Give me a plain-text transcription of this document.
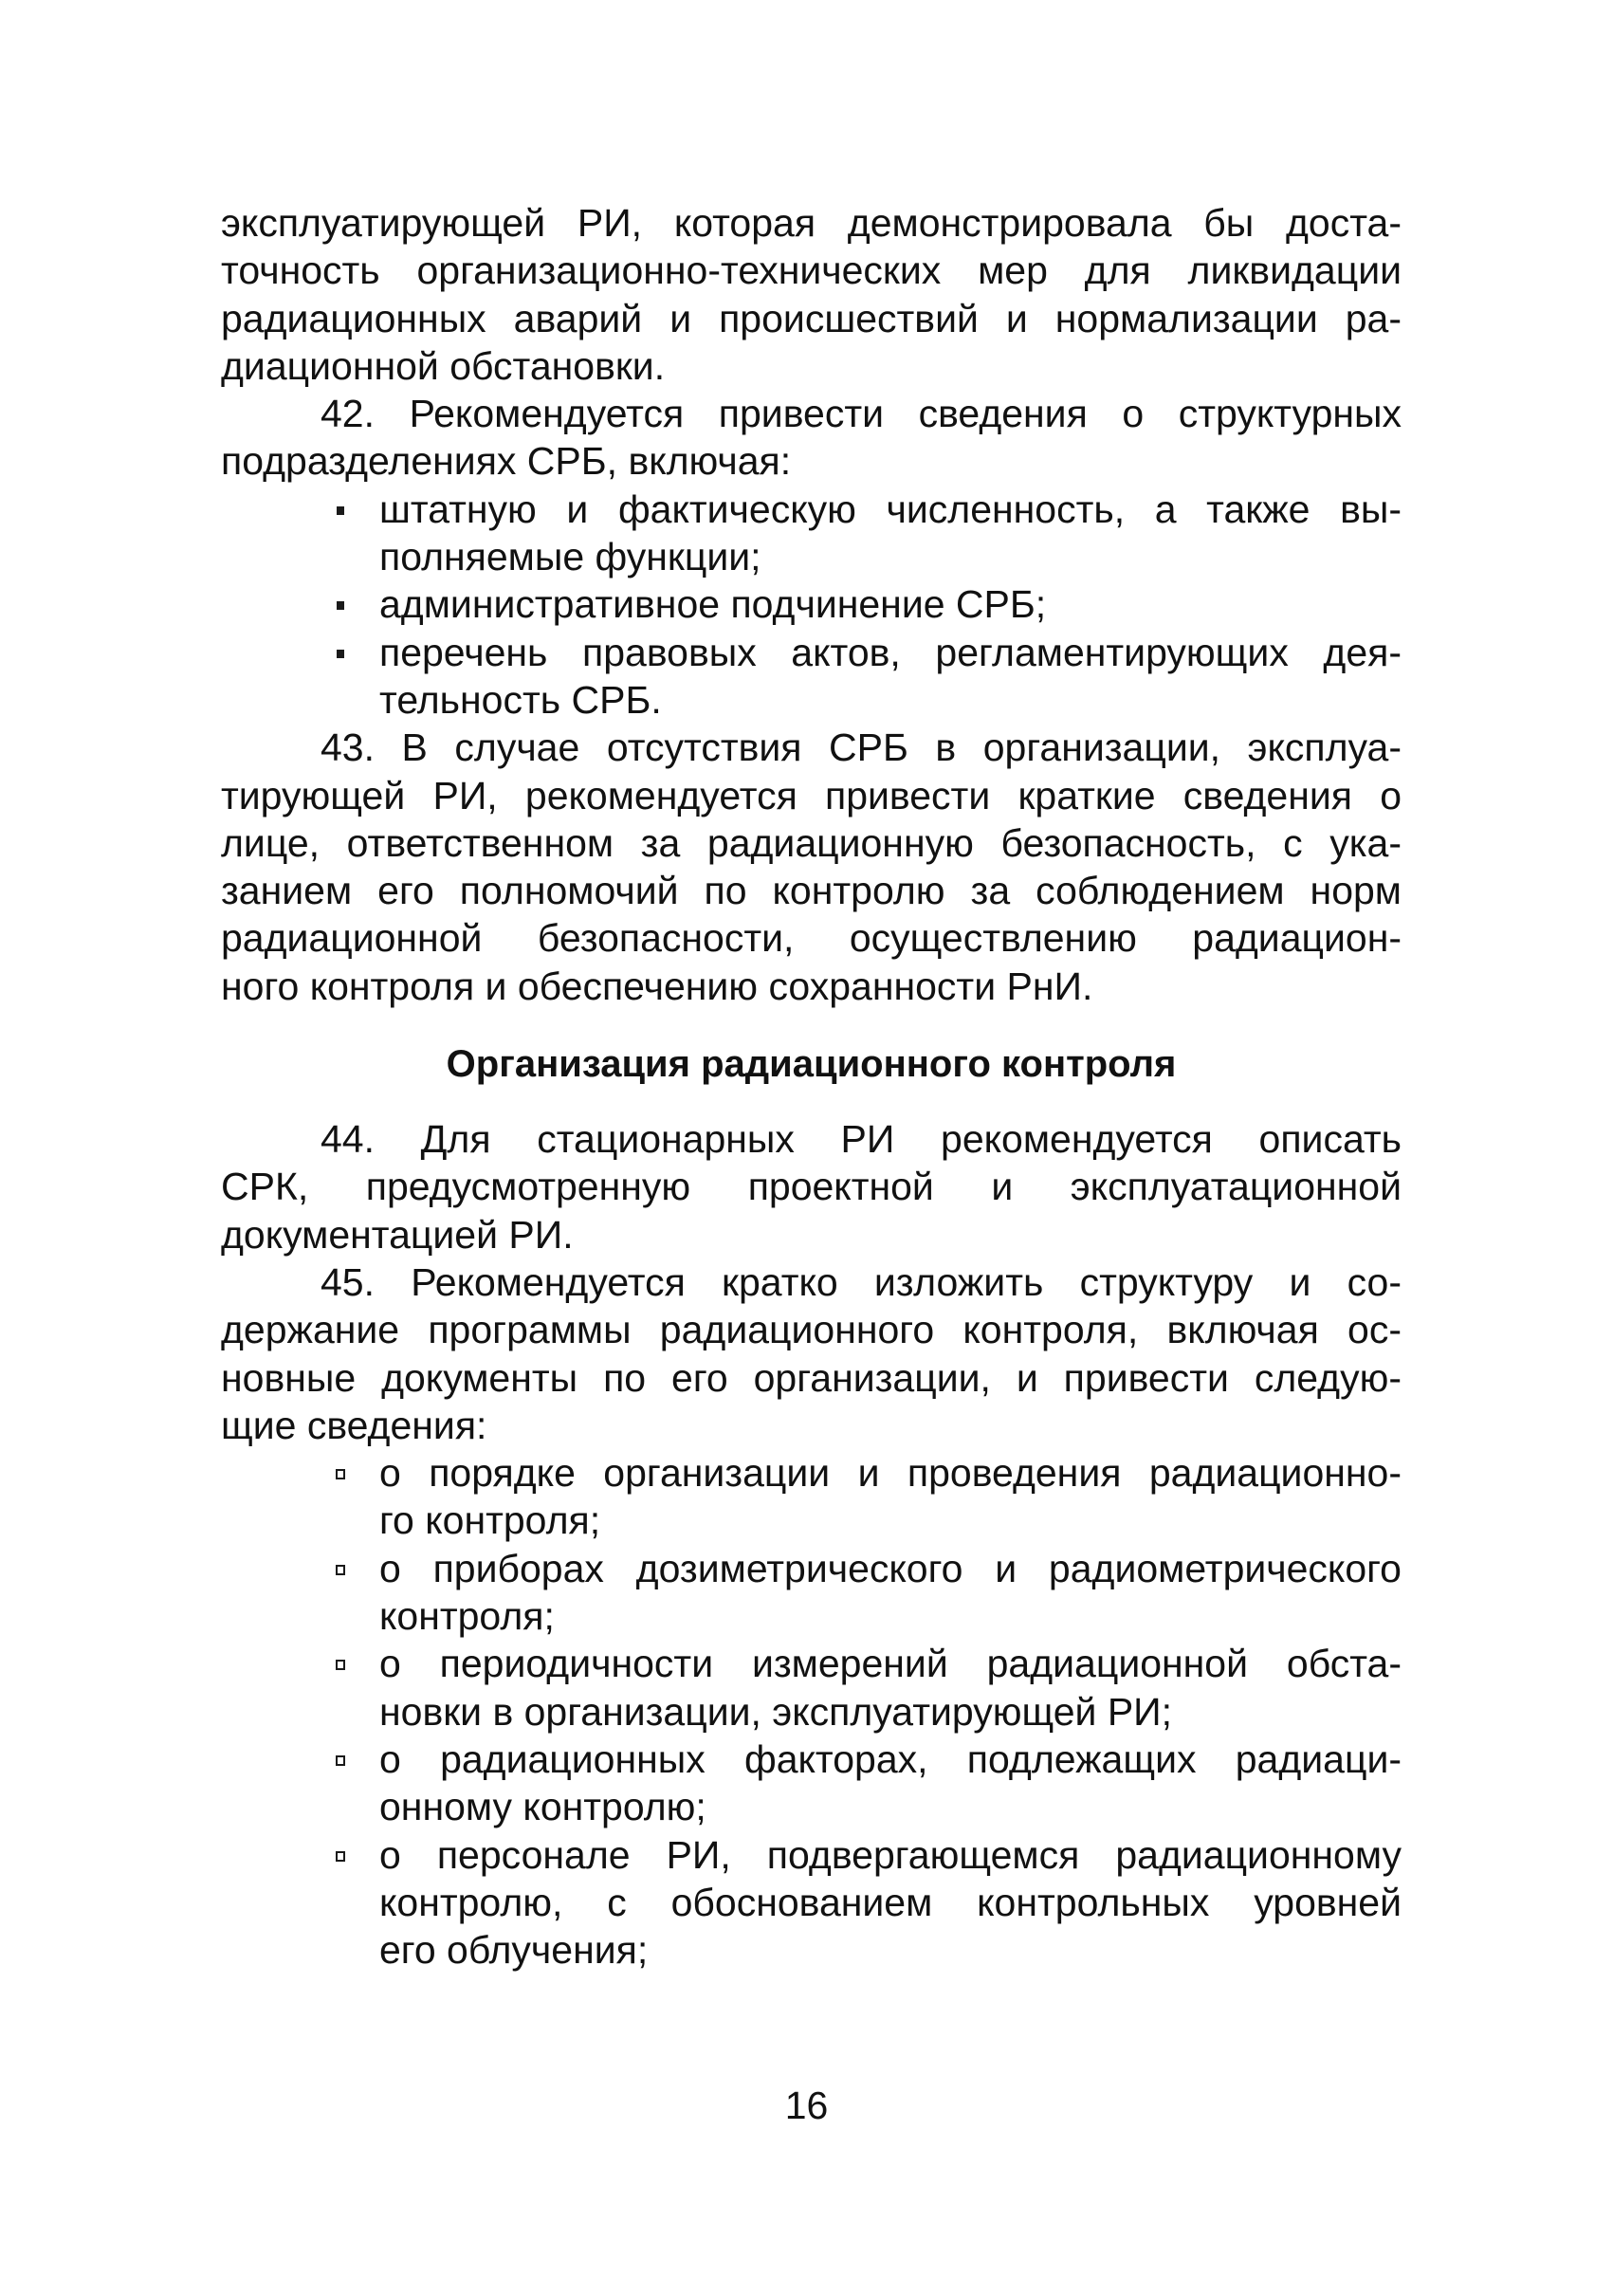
эксплуатирующей РИ, которая демонстрировала бы доста-
точность организационно-технических мер для ликвидации
радиационных аварий и происшествий и нормализации ра-
диационной обстановки.
42. Рекомендуется привести сведения о структурных
подразделениях СРБ, включая:
штатную и фактическую численность, а также вы-
полняемые функции;
административное подчинение СРБ;
перечень правовых актов, регламентирующих дея-
тельность СРБ.
43. В случае отсутствия СРБ в организации, эксплуа-
тирующей РИ, рекомендуется привести краткие сведения о
лице, ответственном за радиационную безопасность, с ука-
занием его полномочий по контролю за соблюдением норм
радиационной безопасности, осуществлению радиацион-
ного контроля и обеспечению сохранности РнИ.
Организация радиационного контроля
44. Для стационарных РИ рекомендуется описать
СРК, предусмотренную проектной и эксплуатационной
документацией РИ.
45. Рекомендуется кратко изложить структуру и со-
держание программы радиационного контроля, включая ос-
новные документы по его организации, и привести следую-
щие сведения:
о порядке организации и проведения радиационно-
го контроля;
о приборах дозиметрического и радиометрического
контроля;
о периодичности измерений радиационной обста-
новки в организации, эксплуатирующей РИ;
о радиационных факторах, подлежащих радиаци-
онному контролю;
о персонале РИ, подвергающемся радиационному
контролю, с обоснованием контрольных уровней
его облучения;
16
